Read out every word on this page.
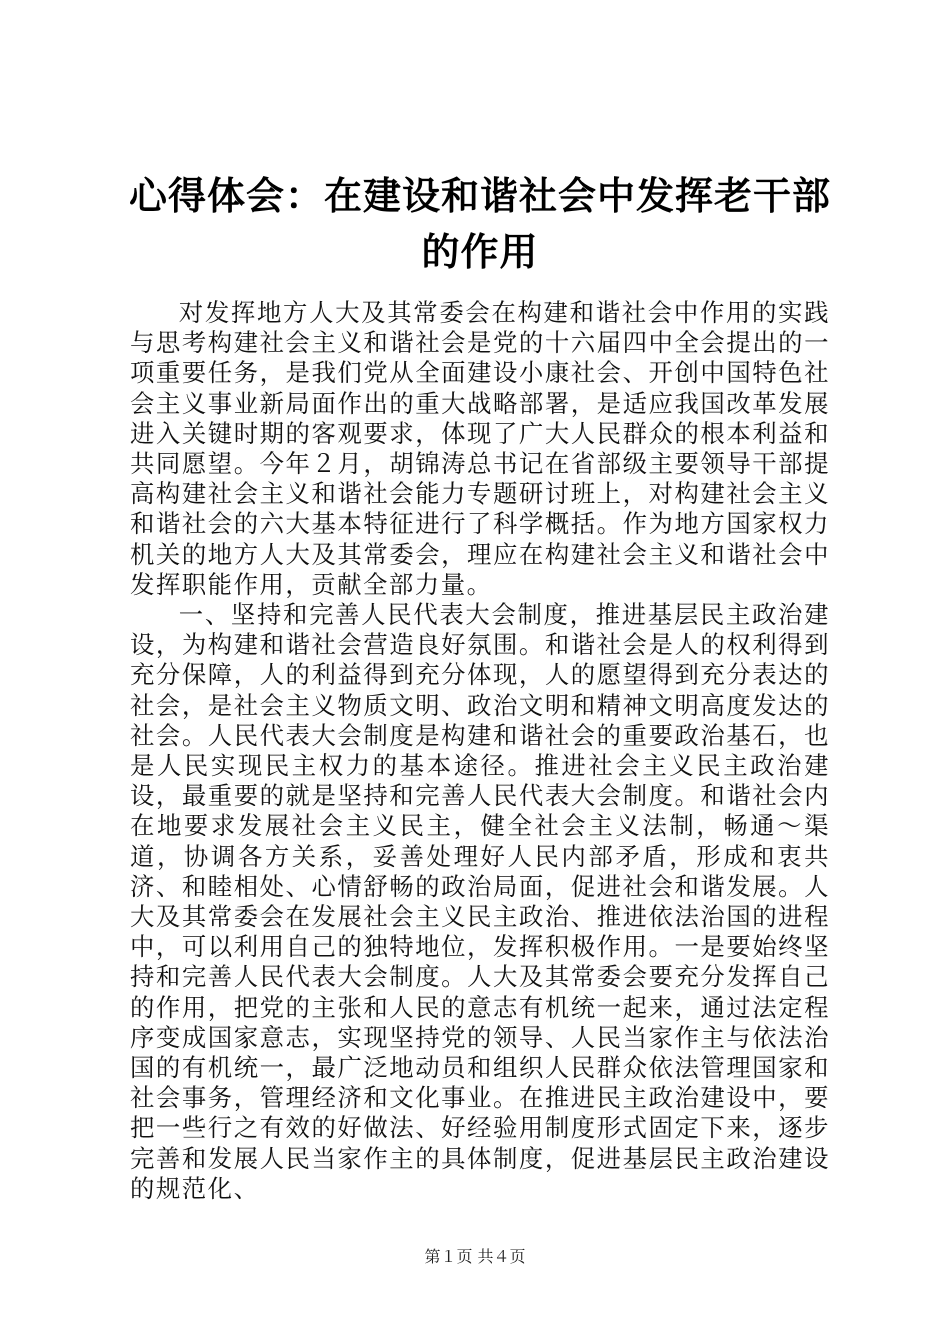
心得体会：在建设和谐社会中发挥老干部的作用

对发挥地方人大及其常委会在构建和谐社会中作用的实践与思考构建社会主义和谐社会是党的十六届四中全会提出的一项重要任务，是我们党从全面建设小康社会、开创中国特色社会主义事业新局面作出的重大战略部署，是适应我国改革发展进入关键时期的客观要求，体现了广大人民群众的根本利益和共同愿望。今年２月，胡锦涛总书记在省部级主要领导干部提高构建社会主义和谐社会能力专题研讨班上，对构建社会主义和谐社会的六大基本特征进行了科学概括。作为地方国家权力机关的地方人大及其常委会，理应在构建社会主义和谐社会中发挥职能作用，贡献全部力量。

一、坚持和完善人民代表大会制度，推进基层民主政治建设，为构建和谐社会营造良好氛围。和谐社会是人的权利得到充分保障，人的利益得到充分体现，人的愿望得到充分表达的社会，是社会主义物质文明、政治文明和精神文明高度发达的社会。人民代表大会制度是构建和谐社会的重要政治基石，也是人民实现民主权力的基本途径。推进社会主义民主政治建设，最重要的就是坚持和完善人民代表大会制度。和谐社会内在地要求发展社会主义民主，健全社会主义法制，畅通～渠道，协调各方关系，妥善处理好人民内部矛盾，形成和衷共济、和睦相处、心情舒畅的政治局面，促进社会和谐发展。人大及其常委会在发展社会主义民主政治、推进依法治国的进程中，可以利用自己的独特地位，发挥积极作用。一是要始终坚持和完善人民代表大会制度。人大及其常委会要充分发挥自己的作用，把党的主张和人民的意志有机统一起来，通过法定程序变成国家意志，实现坚持党的领导、人民当家作主与依法治国的有机统一，最广泛地动员和组织人民群众依法管理国家和社会事务，管理经济和文化事业。在推进民主政治建设中，要把一些行之有效的好做法、好经验用制度形式固定下来，逐步完善和发展人民当家作主的具体制度，促进基层民主政治建设的规范化、

第１页 共４页
